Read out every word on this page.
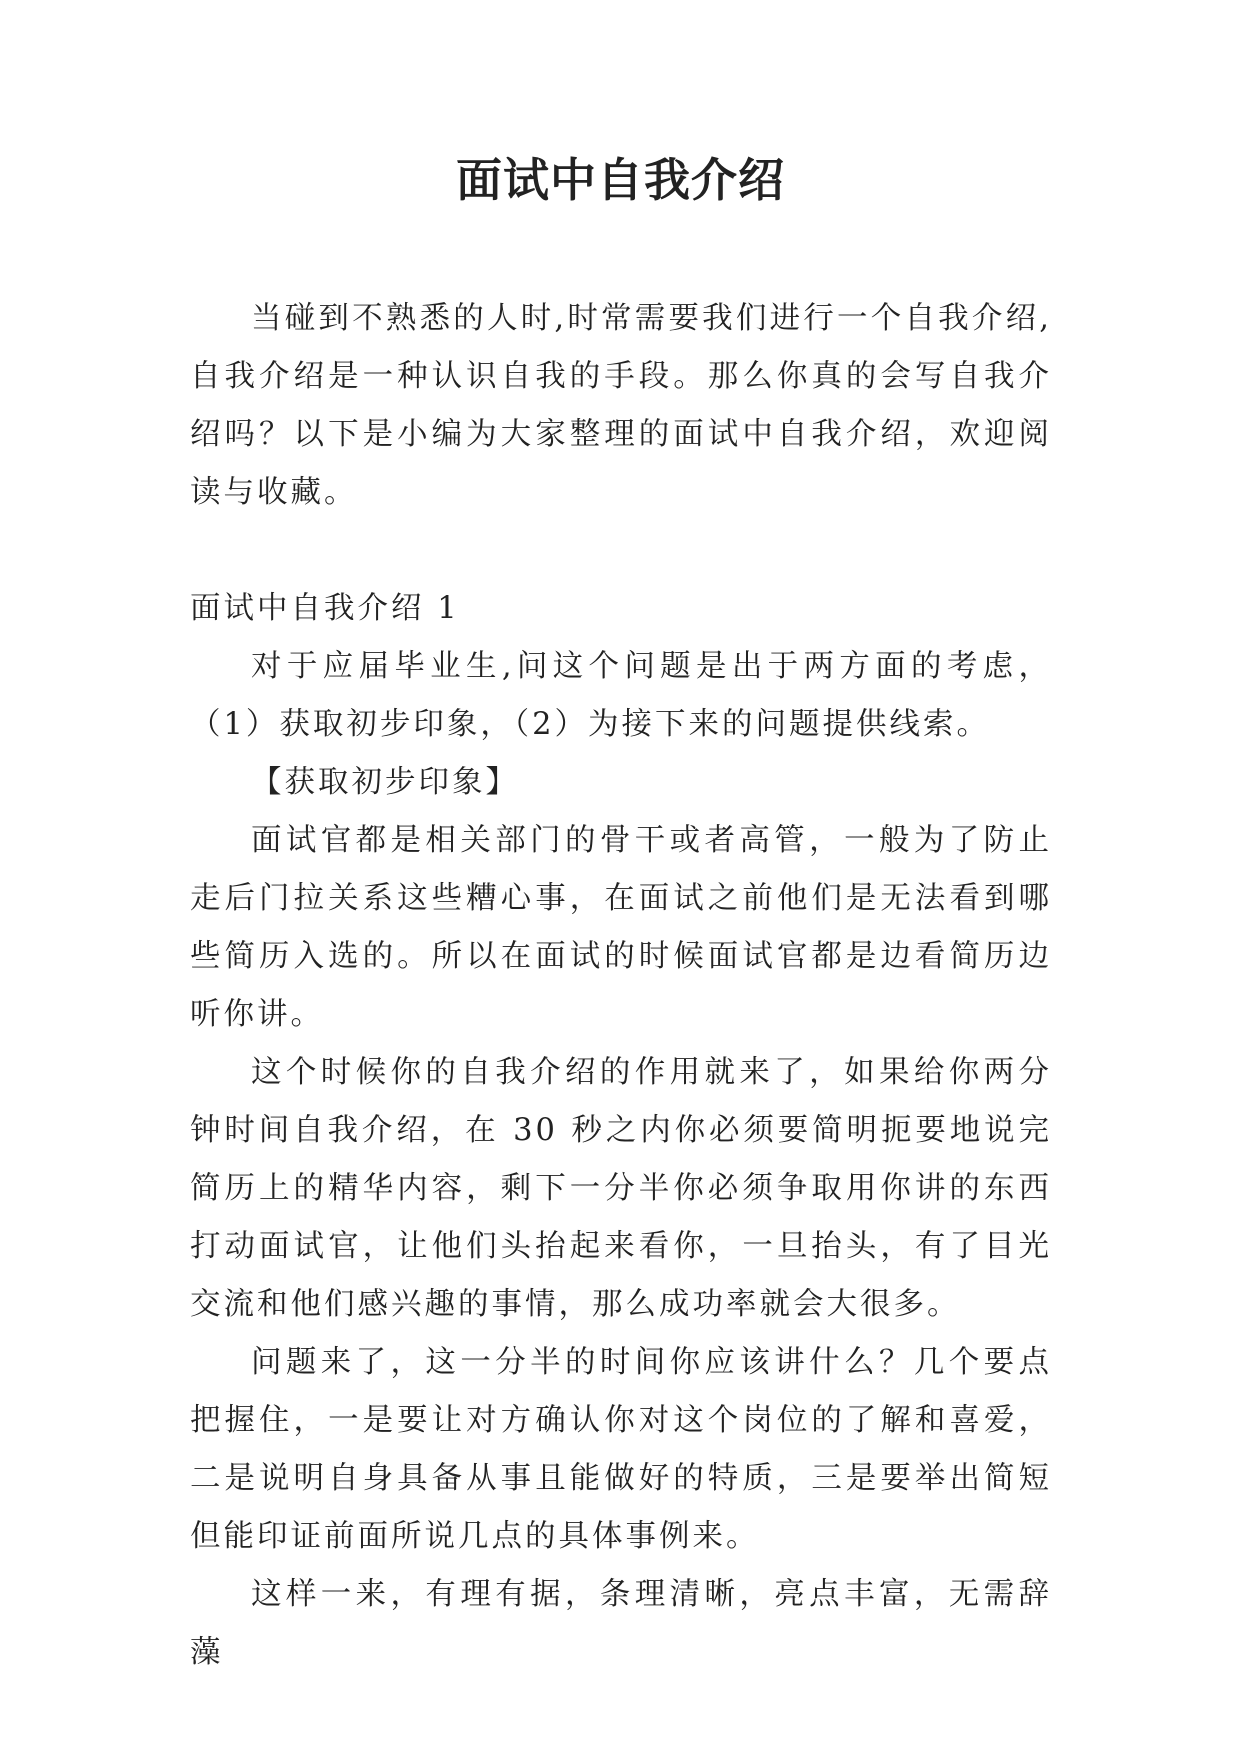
面试中自我介绍

当碰到不熟悉的人时,时常需要我们进行一个自我介绍,自我介绍是一种认识自我的手段。那么你真的会写自我介绍吗？以下是小编为大家整理的面试中自我介绍，欢迎阅读与收藏。

面试中自我介绍 1

对于应届毕业生,问这个问题是出于两方面的考虑，（1）获取初步印象，（2）为接下来的问题提供线索。

【获取初步印象】

面试官都是相关部门的骨干或者高管，一般为了防止走后门拉关系这些糟心事，在面试之前他们是无法看到哪些简历入选的。所以在面试的时候面试官都是边看简历边听你讲。

这个时候你的自我介绍的作用就来了，如果给你两分钟时间自我介绍，在 30 秒之内你必须要简明扼要地说完简历上的精华内容，剩下一分半你必须争取用你讲的东西打动面试官，让他们头抬起来看你，一旦抬头，有了目光交流和他们感兴趣的事情，那么成功率就会大很多。

问题来了，这一分半的时间你应该讲什么？几个要点把握住，一是要让对方确认你对这个岗位的了解和喜爱，二是说明自身具备从事且能做好的特质，三是要举出简短但能印证前面所说几点的具体事例来。

这样一来，有理有据，条理清晰，亮点丰富，无需辞藻
